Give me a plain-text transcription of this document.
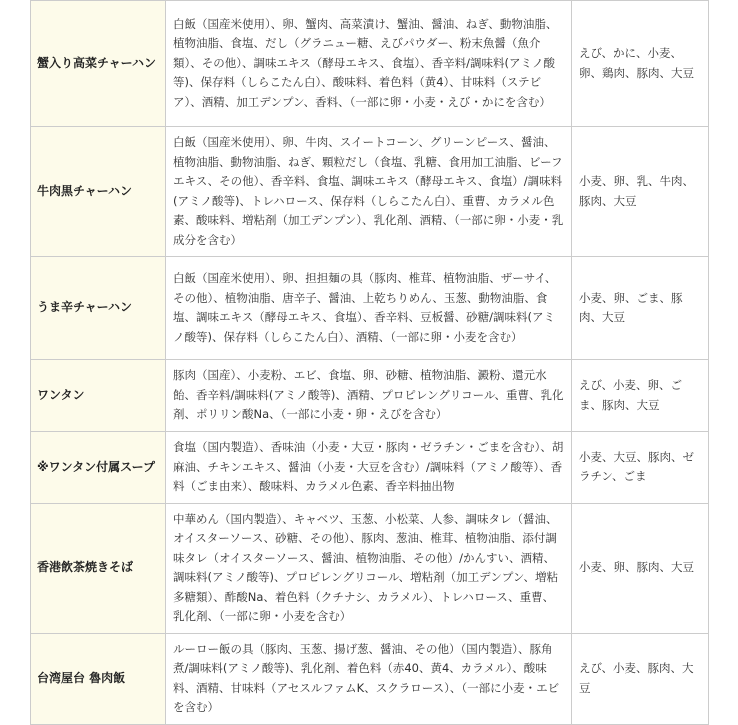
蟹入り高菜チャーハン	白飯（国産米使用）、卵、蟹肉、高菜漬け、蟹油、醤油、ねぎ、動物油脂、植物油脂、食塩、だし（グラニュー糖、えびパウダー、粉末魚醤（魚介類）、その他）、調味エキス（酵母エキス、食塩）、香辛料/調味料(アミノ酸等)、保存料（しらこたん白）、酸味料、着色料（黄4）、甘味料（ステビア）、酒精、加工デンプン、香料、（一部に卵・小麦・えび・かにを含む）	えび、かに、小麦、卵、鶏肉、豚肉、大豆
牛肉黒チャーハン	白飯（国産米使用）、卵、牛肉、スイートコーン、グリーンピース、醤油、植物油脂、動物油脂、ねぎ、顆粒だし（食塩、乳糖、食用加工油脂、ビーフエキス、その他）、香辛料、食塩、調味エキス（酵母エキス、食塩）/調味料(アミノ酸等)、トレハロース、保存料（しらこたん白）、重曹、カラメル色素、酸味料、増粘剤（加工デンプン）、乳化剤、酒精、（一部に卵・小麦・乳成分を含む）	小麦、卵、乳、牛肉、豚肉、大豆
うま辛チャーハン	白飯（国産米使用）、卵、担担麺の具（豚肉、椎茸、植物油脂、ザーサイ、その他）、植物油脂、唐辛子、醤油、上乾ちりめん、玉葱、動物油脂、食塩、調味エキス（酵母エキス、食塩）、香辛料、豆板醤、砂糖/調味料(アミノ酸等)、保存料（しらこたん白）、酒精、（一部に卵・小麦を含む）	小麦、卵、ごま、豚肉、大豆
ワンタン	豚肉（国産）、小麦粉、エビ、食塩、卵、砂糖、植物油脂、澱粉、還元水飴、香辛料/調味料(アミノ酸等)、酒精、プロピレングリコール、重曹、乳化剤、ポリリン酸Na、（一部に小麦・卵・えびを含む）	えび、小麦、卵、ごま、豚肉、大豆
※ワンタン付属スープ	食塩（国内製造）、香味油（小麦・大豆・豚肉・ゼラチン・ごまを含む）、胡麻油、チキンエキス、醤油（小麦・大豆を含む）/調味料（アミノ酸等）、香料（ごま由来）、酸味料、カラメル色素、香辛料抽出物	小麦、大豆、豚肉、ゼラチン、ごま
香港飲茶焼きそば	中華めん（国内製造）、キャベツ、玉葱、小松菜、人参、調味タレ（醤油、オイスターソース、砂糖、その他）、豚肉、葱油、椎茸、植物油脂、添付調味タレ（オイスターソース、醤油、植物油脂、その他）/かんすい、酒精、調味料(アミノ酸等)、プロピレングリコール、増粘剤（加工デンプン、増粘多糖類）、酢酸Na、着色料（クチナシ、カラメル）、トレハロース、重曹、乳化剤、（一部に卵・小麦を含む）	小麦、卵、豚肉、大豆
台湾屋台 魯肉飯	ルーロー飯の具（豚肉、玉葱、揚げ葱、醤油、その他）（国内製造）、豚角煮/調味料(アミノ酸等)、乳化剤、着色料（赤40、黄4、カラメル）、酸味料、酒精、甘味料（アセスルファムK、スクラロース）、（一部に小麦・エビを含む）	えび、小麦、豚肉、大豆
